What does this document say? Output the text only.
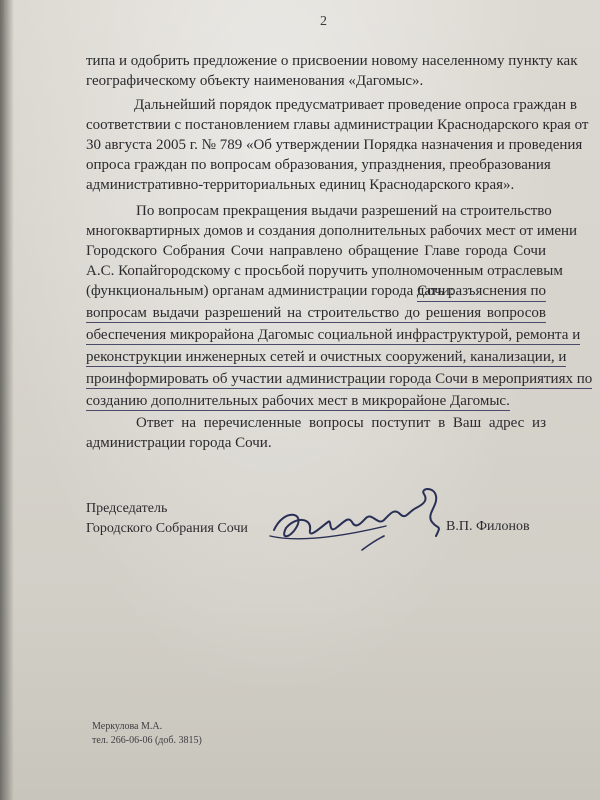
2
типа и одобрить предложение о присвоении новому населенному пункту как
географическому объекту наименования «Дагомыс».
Дальнейший порядок предусматривает проведение опроса граждан в
соответствии с постановлением главы администрации Краснодарского края от
30 августа 2005 г. № 789 «Об утверждении Порядка назначения и проведения
опроса граждан по вопросам образования, упразднения, преобразования
административно-территориальных единиц Краснодарского края».
По вопросам прекращения выдачи разрешений на строительство
многоквартирных домов и создания дополнительных рабочих мест от имени
Городского Собрания Сочи направлено обращение Главе города Сочи
А.С. Копайгородскому с просьбой поручить уполномоченным отраслевым
(функциональным) органам администрации города Сочи:
дать разъяснения по
вопросам выдачи разрешений на строительство до решения вопросов
обеспечения микрорайона Дагомыс социальной инфраструктурой, ремонта и
реконструкции инженерных сетей и очистных сооружений, канализации, и
проинформировать об участии администрации города Сочи в мероприятиях по
созданию дополнительных рабочих мест в микрорайоне Дагомыс.
Ответ на перечисленные вопросы поступит в Ваш адрес из
администрации города Сочи.
Председатель
Городского Собрания Сочи	В.П. Филонов
Меркулова М.А.
тел. 266-06-06 (доб. 3815)
